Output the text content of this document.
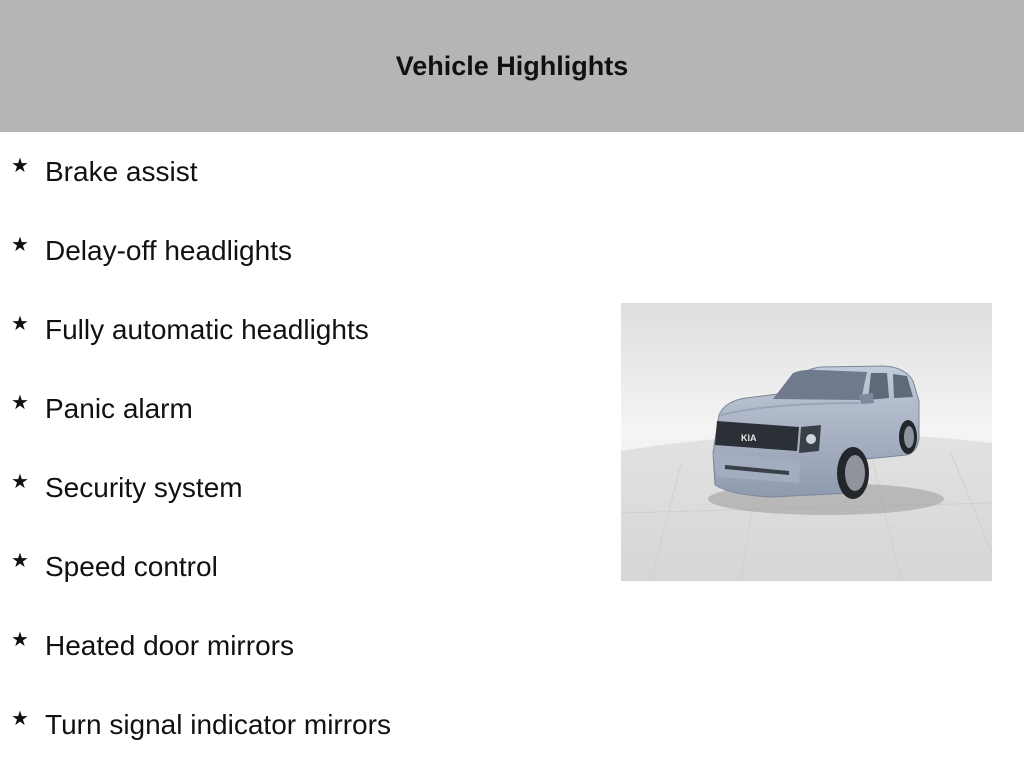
Vehicle Highlights
★ Brake assist
★ Delay-off headlights
★ Fully automatic headlights
★ Panic alarm
★ Security system
★ Speed control
★ Heated door mirrors
★ Turn signal indicator mirrors
KIA
